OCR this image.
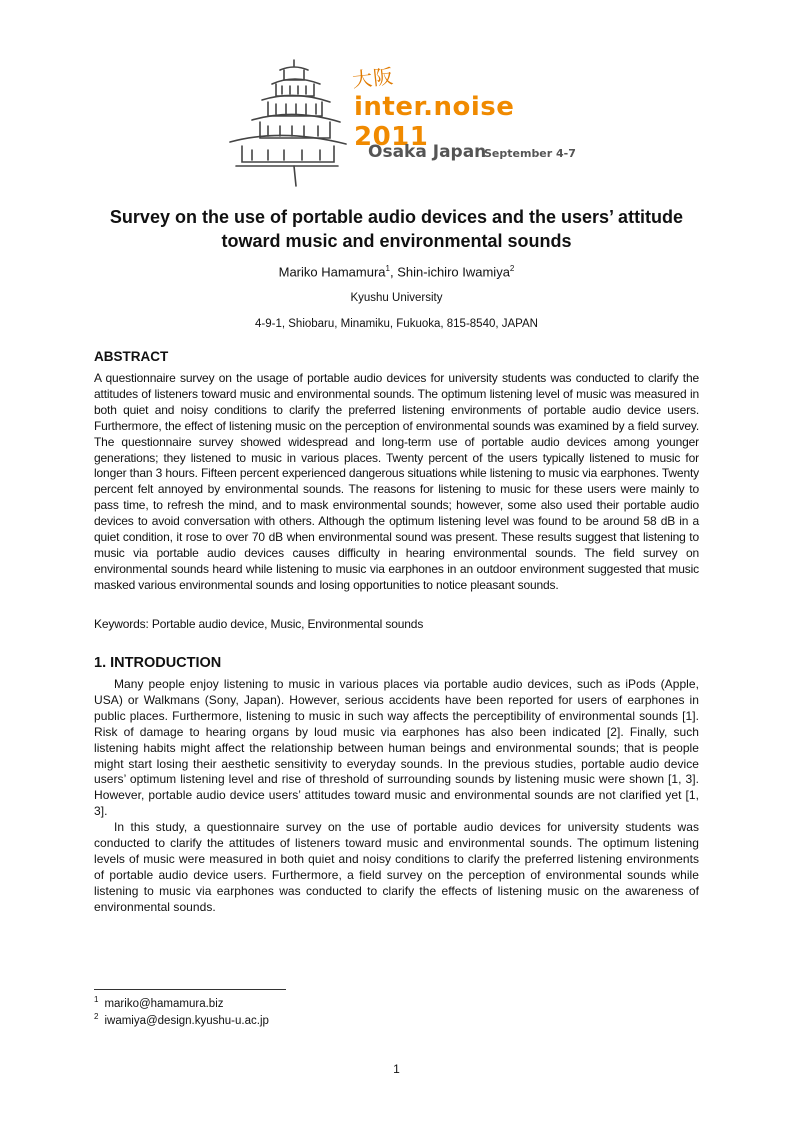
大阪
inter.noise 2011
Osaka Japan
September 4-7
Survey on the use of portable audio devices and the users’ attitude toward music and environmental sounds
Mariko Hamamura$^1$, Shin-ichiro Iwamiya$^2$
Kyushu University
4-9-1, Shiobaru, Minamiku, Fukuoka, 815-8540, JAPAN
ABSTRACT

A questionnaire survey on the usage of portable audio devices for university students was conducted to clarify the attitudes of listeners toward music and environmental sounds. The optimum listening level of music was measured in both quiet and noisy conditions to clarify the preferred listening environments of portable audio device users. Furthermore, the effect of listening music on the perception of environmental sounds was examined by a field survey. The questionnaire survey showed widespread and long-term use of portable audio devices among younger generations; they listened to music in various places. Twenty percent of the users typically listened to music for longer than 3 hours. Fifteen percent experienced dangerous situations while listening to music via earphones. Twenty percent felt annoyed by environmental sounds. The reasons for listening to music for these users were mainly to pass time, to refresh the mind, and to mask environmental sounds; however, some also used their portable audio devices to avoid conversation with others. Although the optimum listening level was found to be around 58 dB in a quiet condition, it rose to over 70 dB when environmental sound was present. These results suggest that listening to music via portable audio devices causes difficulty in hearing environmental sounds. The field survey on environmental sounds heard while listening to music via earphones in an outdoor environment suggested that music masked various environmental sounds and losing opportunities to notice pleasant sounds.

Keywords: Portable audio device, Music, Environmental sounds
1. INTRODUCTION

Many people enjoy listening to music in various places via portable audio devices, such as iPods (Apple, USA) or Walkmans (Sony, Japan). However, serious accidents have been reported for users of earphones in public places. Furthermore, listening to music in such way affects the perceptibility of environmental sounds [1]. Risk of damage to hearing organs by loud music via earphones has also been indicated [2]. Finally, such listening habits might affect the relationship between human beings and environmental sounds; that is people might start losing their aesthetic sensitivity to everyday sounds. In the previous studies, portable audio device users’ optimum listening level and rise of threshold of surrounding sounds by listening music were shown [1, 3]. However, portable audio device users’ attitudes toward music and environmental sounds are not clarified yet [1, 3].

In this study, a questionnaire survey on the use of portable audio devices for university students was conducted to clarify the attitudes of listeners toward music and environmental sounds. The optimum listening levels of music were measured in both quiet and noisy conditions to clarify the preferred listening environments of portable audio device users. Furthermore, a field survey on the perception of environmental sounds while listening to music via earphones was conducted to clarify the effects of listening music on the awareness of environmental sounds.

$^1$ mariko@hamamura.biz
$^2$ iwamiya@design.kyushu-u.ac.jp
1
